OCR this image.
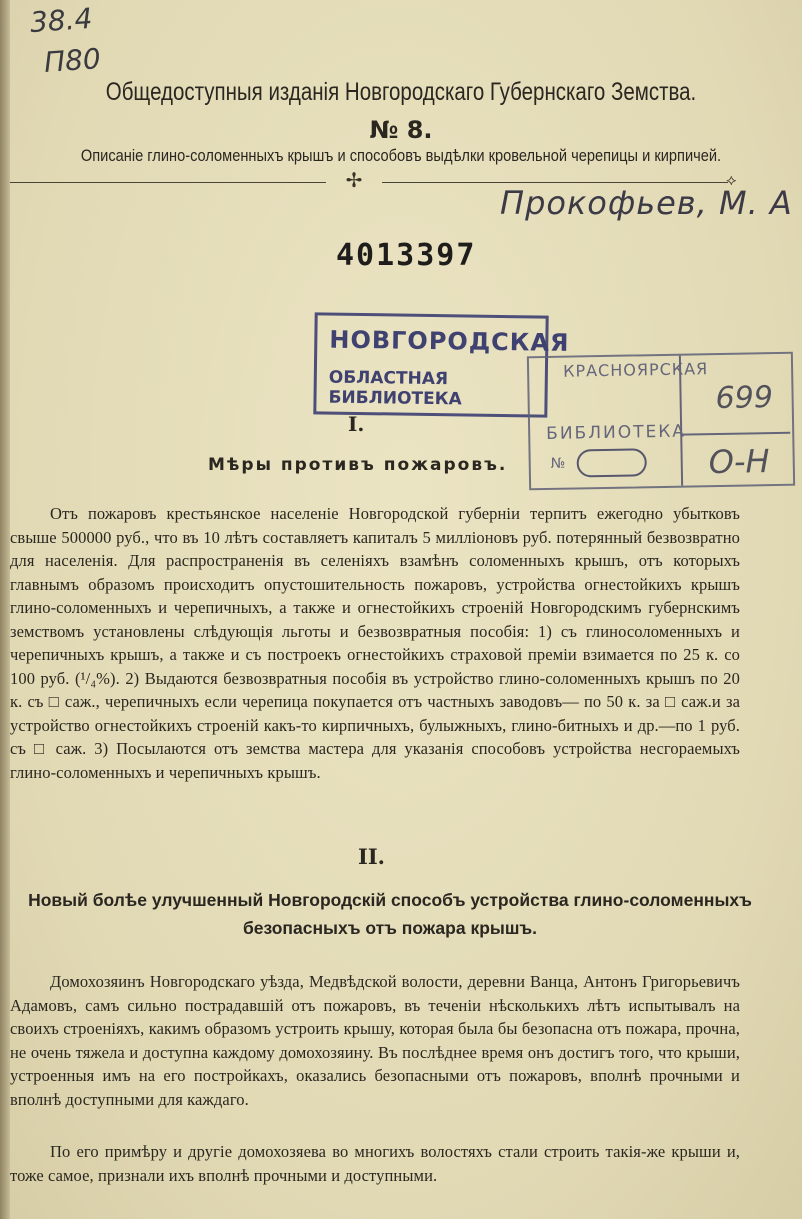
38.4
П80
Общедоступныя изданія Новгородскаго Губернскаго Земства.
№ 8.
Описаніе глино-соломенныхъ крышъ и способовъ выдѣлки кровельной черепицы и кирпичей.
✢	⟡
Прокофьев, М. А
4013397
НОВГОРОДСКАЯ
ОБЛАСТНАЯ БИБЛИОТЕКА
КРАСНОЯРСКАЯ
БИБЛИОТЕКА
№
699
О-Н
I.
Мѣры противъ пожаровъ.

Отъ пожаровъ крестьянское населеніе Новгородской губерніи терпитъ ежегодно убытковъ свыше 500000 руб., что въ 10 лѣтъ составляетъ капиталъ 5 милліоновъ руб. потерянный безвозвратно для населенія. Для распространенія въ селеніяхъ взамѣнъ соломенныхъ крышъ, отъ которыхъ главнымъ образомъ происходитъ опустошительность пожаровъ, устройства огнестойкихъ крышъ глино-соломенныхъ и черепичныхъ, а также и огнестойкихъ строеній Новгородскимъ губернскимъ земствомъ установлены слѣдующія льготы и безвозвратныя пособія: 1) съ глиносоломенныхъ и черепичныхъ крышъ, а также и съ построекъ огнестойкихъ страховой преміи взимается по 25 к. со 100 руб. (¹/₄%). 2) Выдаются безвозвратныя пособія въ устройство глино-соломенныхъ крышъ по 20 к. съ □ саж., черепичныхъ если черепица покупается отъ частныхъ заводовъ— по 50 к. за □ саж.и за устройство огнестойкихъ строеній какъ-то кирпичныхъ, булыжныхъ, глино-битныхъ и др.—по 1 руб. съ □ саж. 3) Посылаются отъ земства мастера для указанія способовъ устройства несгораемыхъ глино-соломенныхъ и черепичныхъ крышъ.

II.

Новый болѣе улучшенный Новгородскій способъ устройства глино-соломенныхъ безопасныхъ отъ пожара крышъ.

Домохозяинъ Новгородскаго уѣзда, Медвѣдской волости, деревни Ванца, Антонъ Григорьевичъ Адамовъ, самъ сильно пострадавшій отъ пожаровъ, въ теченіи нѣсколькихъ лѣтъ испытывалъ на своихъ строеніяхъ, какимъ образомъ устроить крышу, которая была бы безопасна отъ пожара, прочна, не очень тяжела и доступна каждому домохозяину. Въ послѣднее время онъ достигъ того, что крыши, устроенныя имъ на его постройкахъ, оказались безопасными отъ пожаровъ, вполнѣ прочными и вполнѣ доступными для каждаго.

По его примѣру и другіе домохозяева во многихъ волостяхъ стали строить такія-же крыши и, тоже самое, признали ихъ вполнѣ прочными и доступными.
